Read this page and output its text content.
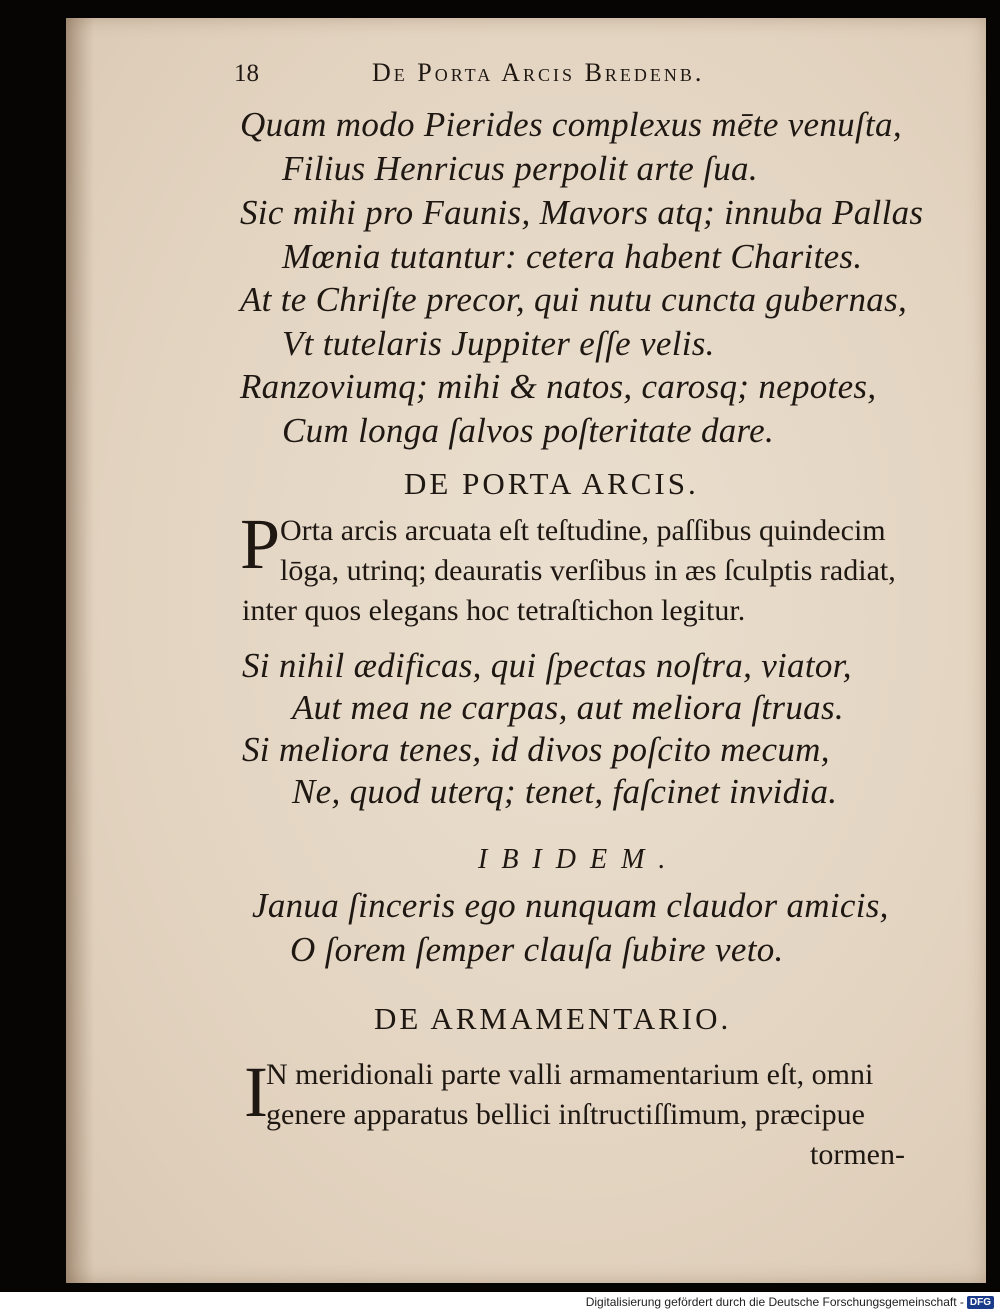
18	De Porta Arcis Bredenb.
Quam modo Pierides complexus mēte venuſta,
Filius Henricus perpolit arte ſua.
Sic mihi pro Faunis, Mavors atq; innuba Pallas
Mœnia tutantur: cetera habent Charites.
At te Chriſte precor, qui nutu cuncta gubernas,
Vt tutelaris Juppiter eſſe velis.
Ranzoviumq; mihi & natos, carosq; nepotes,
Cum longa ſalvos poſteritate dare.
DE PORTA ARCIS.
P Orta arcis arcuata eſt teſtudine, paſſibus quindecim
lōga, utrinq; deauratis verſibus in æs ſculptis radiat,
inter quos elegans hoc tetraſtichon legitur.
Si nihil ædificas, qui ſpectas noſtra, viator,
Aut mea ne carpas, aut meliora ſtruas.
Si meliora tenes, id divos poſcito mecum,
Ne, quod uterq; tenet, faſcinet invidia.
IBIDEM.
Janua ſinceris ego nunquam claudor amicis,
O ſorem ſemper clauſa ſubire veto.
DE ARMAMENTARIO.
I
N meridionali parte valli armamentarium eſt, omni
genere apparatus bellici inſtructiſſimum, præcipue
tormen-
Digitalisierung gefördert durch die Deutsche Forschungsgemeinschaft - DFG
